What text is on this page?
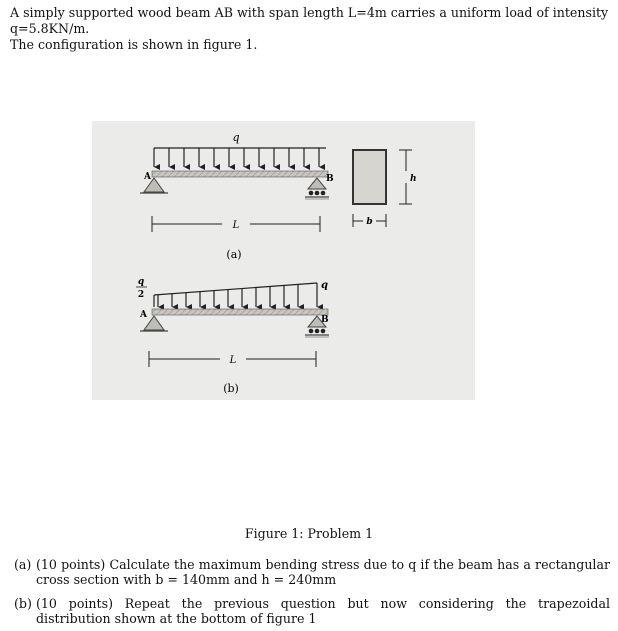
A simply supported wood beam AB with span length L=4m carries a uniform load of intensity q=5.8KN/m.
The configuration is shown in figure 1.
q
A	B
L
(a)
h
b
q
2
q
A	B
L
(b)
Figure 1: Problem 1
(a) (10 points) Calculate the maximum bending stress due to q if the beam has a rectangular cross section with b = 140mm and h = 240mm
(b) (10 points) Repeat the previous question but now considering the trapezoidal distribution shown at the bottom of figure 1
